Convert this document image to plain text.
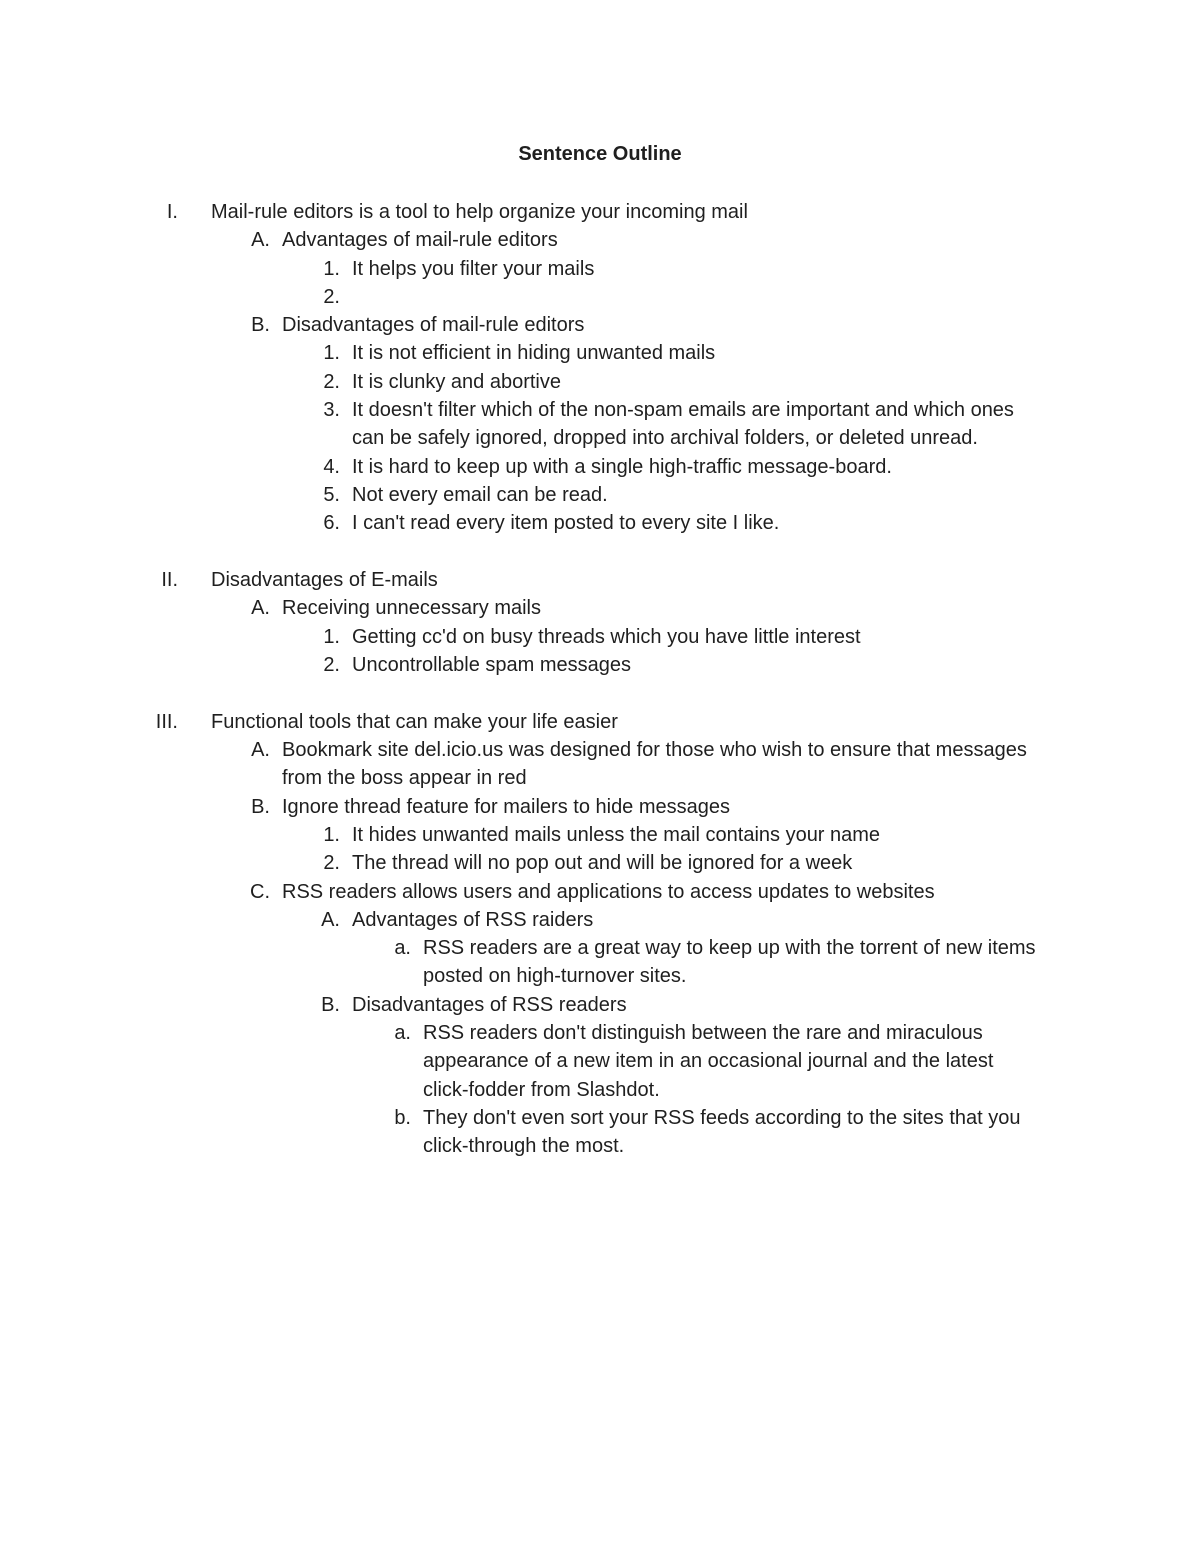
Sentence Outline
I. Mail-rule editors is a tool to help organize your incoming mail
A. Advantages of mail-rule editors
1. It helps you filter your mails
2.

B. Disadvantages of mail-rule editors
1. It is not efficient in hiding unwanted mails
2. It is clunky and abortive
3. It doesn't filter which of the non-spam emails are important and which ones can be safely ignored, dropped into archival folders, or deleted unread.
4. It is hard to keep up with a single high-traffic message-board.
5. Not every email can be read.
6. I can't read every item posted to every site I like.
II. Disadvantages of E-mails
A. Receiving unnecessary mails
1. Getting cc'd on busy threads which you have little interest
2. Uncontrollable spam messages
III. Functional tools that can make your life easier
A. Bookmark site del.icio.us was designed for those who wish to ensure that messages from the boss appear in red
B. Ignore thread feature for mailers to hide messages
1. It hides unwanted mails unless the mail contains your name
2. The thread will no pop out and will be ignored for a week
C. RSS readers allows users and applications to access updates to websites
A. Advantages of RSS raiders
a. RSS readers are a great way to keep up with the torrent of new items posted on high-turnover sites.
B. Disadvantages of RSS readers
a. RSS readers don't distinguish between the rare and miraculous appearance of a new item in an occasional journal and the latest click-fodder from Slashdot.
b. They don't even sort your RSS feeds according to the sites that you click-through the most.
